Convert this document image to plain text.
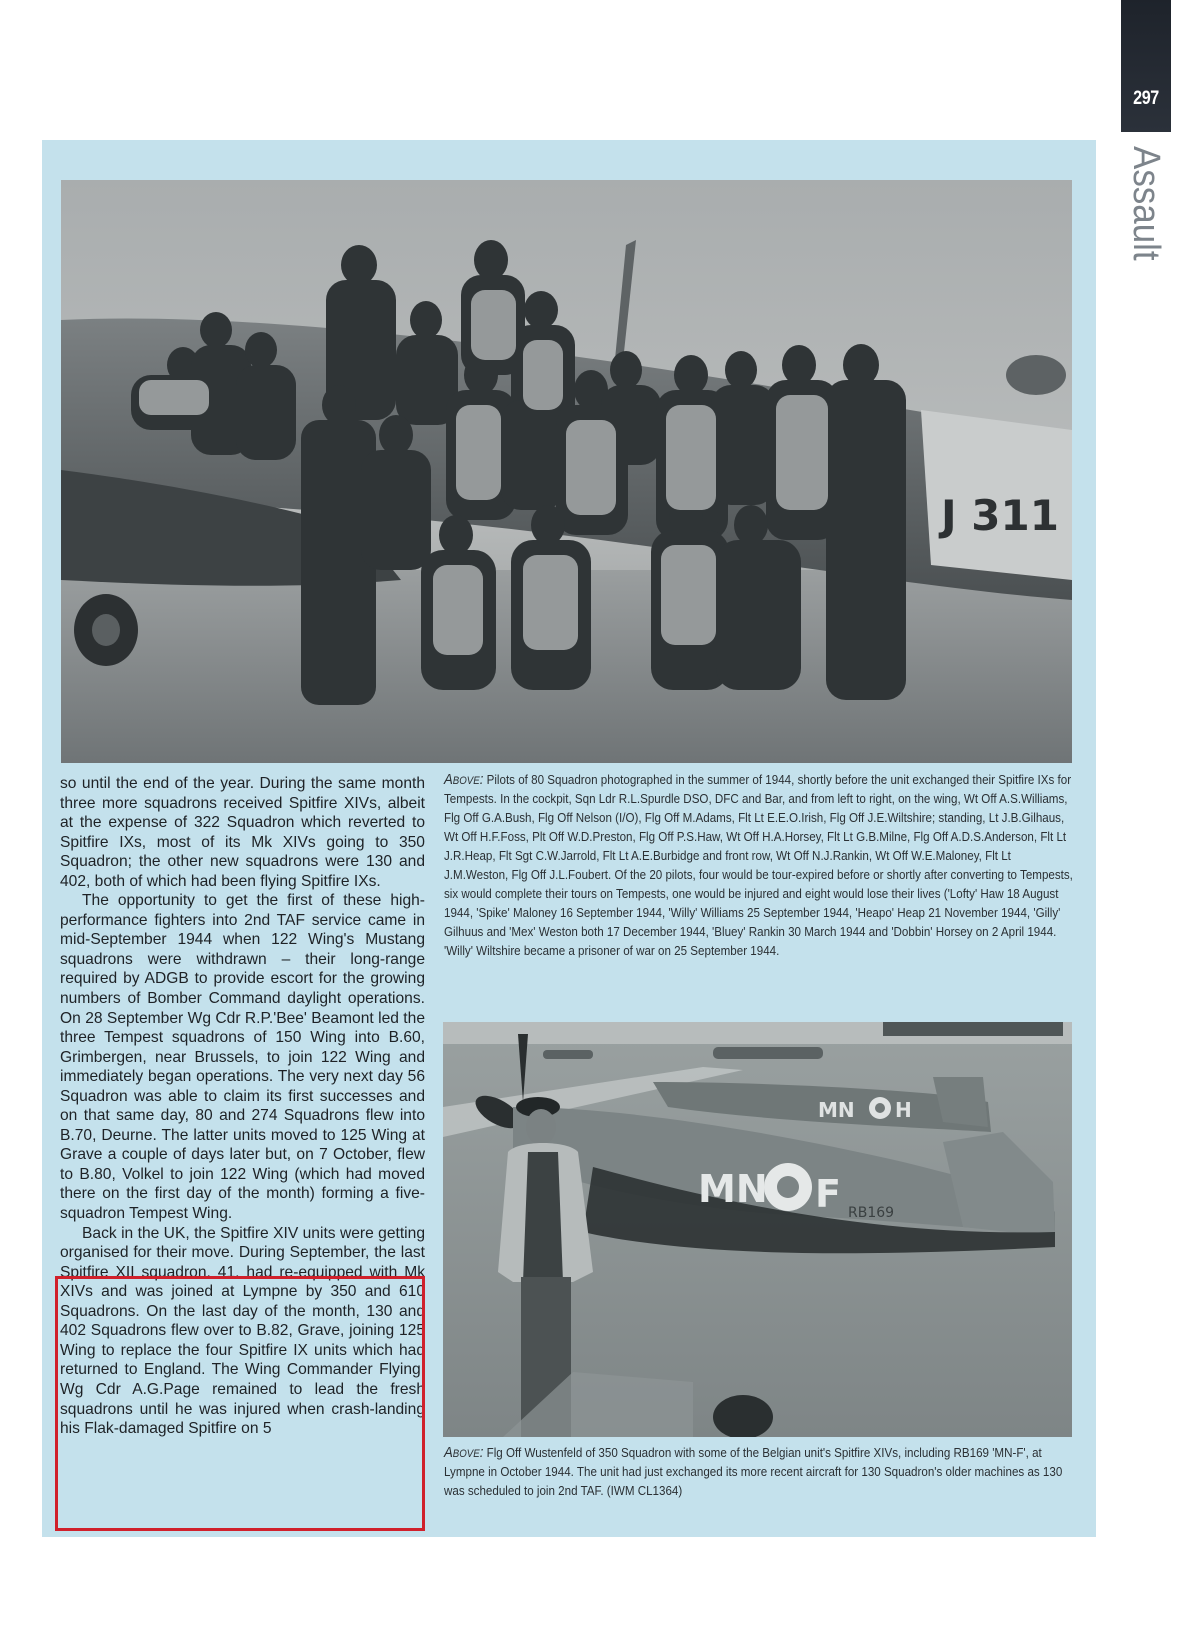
297
Assault
J 311
MN H
MN F RB169

so until the end of the year. During the same month three more squadrons received Spitfire XIVs, albeit at the expense of 322 Squadron which reverted to Spitfire IXs, most of its Mk XIVs going to 350 Squadron; the other new squadrons were 130 and 402, both of which had been flying Spitfire IXs.

The opportunity to get the first of these high-performance fighters into 2nd TAF service came in mid-September 1944 when 122 Wing's Mustang squadrons were withdrawn – their long-range required by ADGB to provide escort for the growing numbers of Bomber Command daylight operations. On 28 September Wg Cdr R.P.'Bee' Beamont led the three Tempest squadrons of 150 Wing into B.60, Grimbergen, near Brussels, to join 122 Wing and immediately began operations. The very next day 56 Squadron was able to claim its first successes and on that same day, 80 and 274 Squadrons flew into B.70, Deurne. The latter units moved to 125 Wing at Grave a couple of days later but, on 7 October, flew to B.80, Volkel to join 122 Wing (which had moved there on the first day of the month) forming a five-squadron Tempest Wing.

Back in the UK, the Spitfire XIV units were getting organised for their move. During September, the last Spitfire XII squadron, 41, had re-equipped with Mk XIVs and was joined at Lympne by 350 and 610 Squadrons. On the last day of the month, 130 and 402 Squadrons flew over to B.82, Grave, joining 125 Wing to replace the four Spitfire IX units which had returned to England. The Wing Commander Flying, Wg Cdr A.G.Page remained to lead the fresh squadrons until he was injured when crash-landing his Flak-damaged Spitfire on 5

Above: Pilots of 80 Squadron photographed in the summer of 1944, shortly before the unit exchanged their Spitfire IXs for Tempests. In the cockpit, Sqn Ldr R.L.Spurdle DSO, DFC and Bar, and from left to right, on the wing, Wt Off A.S.Williams, Flg Off G.A.Bush, Flg Off Nelson (I/O), Flg Off M.Adams, Flt Lt E.E.O.Irish, Flg Off J.E.Wiltshire; standing, Lt J.B.Gilhaus, Wt Off H.F.Foss, Plt Off W.D.Preston, Flg Off P.S.Haw, Wt Off H.A.Horsey, Flt Lt G.B.Milne, Flg Off A.D.S.Anderson, Flt Lt J.R.Heap, Flt Sgt C.W.Jarrold, Flt Lt A.E.Burbidge and front row, Wt Off N.J.Rankin, Wt Off W.E.Maloney, Flt Lt J.M.Weston, Flg Off J.L.Foubert. Of the 20 pilots, four would be tour-expired before or shortly after converting to Tempests, six would complete their tours on Tempests, one would be injured and eight would lose their lives ('Lofty' Haw 18 August 1944, 'Spike' Maloney 16 September 1944, 'Willy' Williams 25 September 1944, 'Heapo' Heap 21 November 1944, 'Gilly' Gilhuus and 'Mex' Weston both 17 December 1944, 'Bluey' Rankin 30 March 1944 and 'Dobbin' Horsey on 2 April 1944. 'Willy' Wiltshire became a prisoner of war on 25 September 1944.
Above: Flg Off Wustenfeld of 350 Squadron with some of the Belgian unit's Spitfire XIVs, including RB169 'MN-F', at Lympne in October 1944. The unit had just exchanged its more recent aircraft for 130 Squadron's older machines as 130 was scheduled to join 2nd TAF. (IWM CL1364)
